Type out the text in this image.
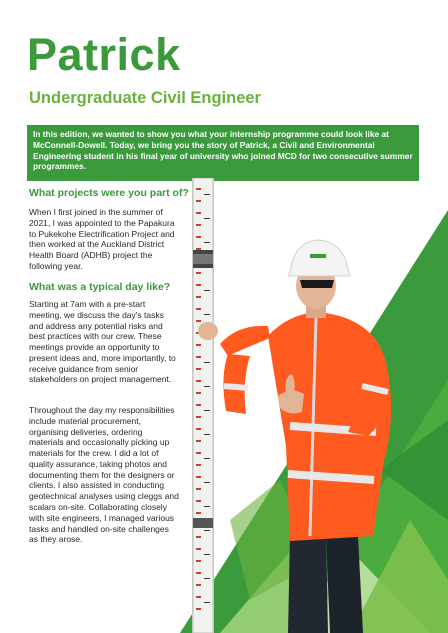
Patrick
Undergraduate Civil Engineer
In this edition, we wanted to show you what your internship programme could look like at McConnell-Dowell. Today, we bring you the story of Patrick, a Civil and Environmental Engineering student in his final year of university who joined MCD for two consecutive summer programmes.
What projects were you part of?
When I first joined in the summer of 2021, I was appointed to the Papakura to Pukekohe Electrification Project and then worked at the Auckland District Health Board (ADHB) project the following year.
What was a typical day like?
Starting at 7am with a pre-start meeting, we discuss the day's tasks and address any potential risks and best practices with our crew. These meetings provide an opportunity to present ideas and, more importantly, to receive guidance from senior stakeholders on project management.
Throughout the day my responsibilities include material procurement, organising deliveries, ordering materials and occasionally picking up materials for the crew. I did a lot of quality assurance, taking photos and documenting them for the designers or clients. I also assisted in conducting geotechnical analyses using cleggs and scalars on-site. Collaborating closely with site engineers, I managed various tasks and handled on-site challenges as they arose.
